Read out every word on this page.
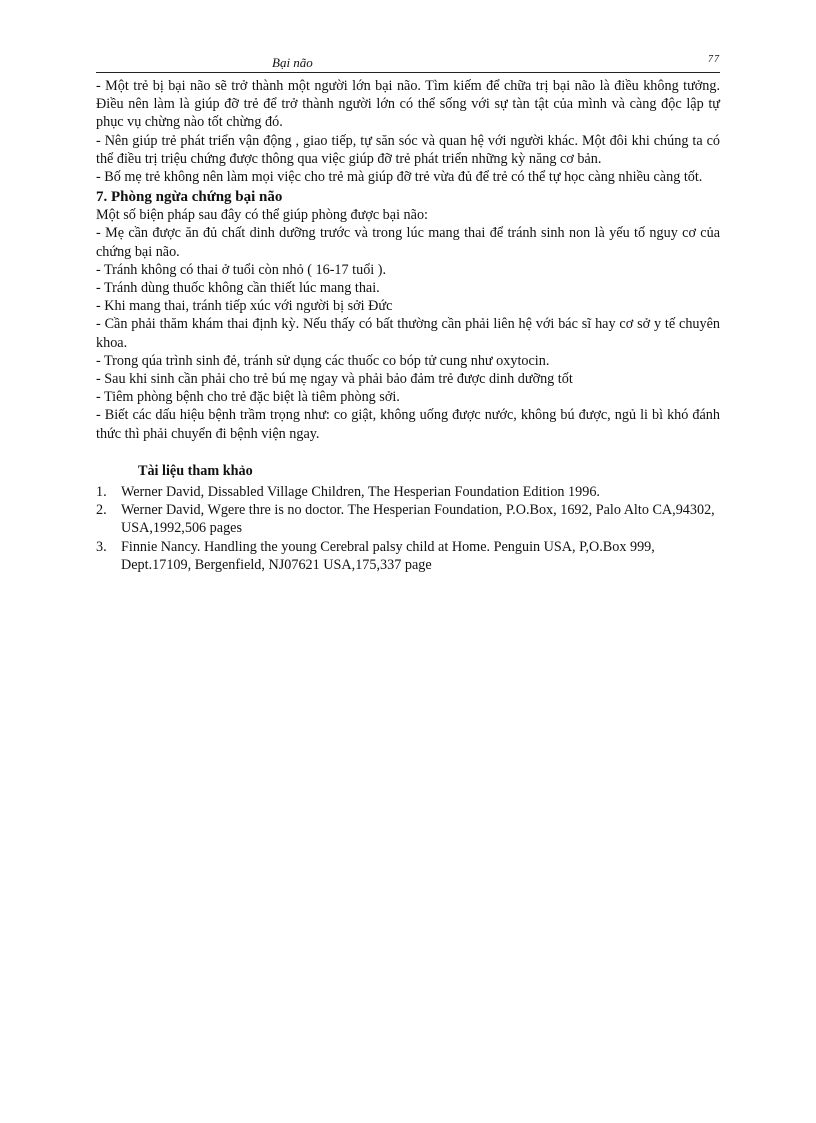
Bại não	77

- Một trẻ bị bại não sẽ trở thành một người lớn bại não. Tìm kiếm để chữa trị bại não là điều không tưởng. Điều nên làm là giúp đỡ trẻ để trở thành người lớn có thể sống với sự tàn tật của mình và càng độc lập tự phục vụ chừng nào tốt chừng đó.

- Nên giúp trẻ phát triển vận động , giao tiếp, tự săn sóc và quan hệ với người khác. Một đôi khi chúng ta có thể điều trị triệu chứng được thông qua việc giúp đỡ trẻ phát triển những kỳ năng cơ bản.

- Bố mẹ trẻ không nên làm mọi việc cho trẻ mà giúp đỡ trẻ vừa đủ để trẻ có thể tự học càng nhiều càng tốt.

7. Phòng ngừa chứng bại não

Một số biện pháp sau đây có thể giúp phòng được bại não:

- Mẹ cần được ăn đủ chất dinh dưỡng trước và trong lúc mang thai để tránh sinh non là yếu tố nguy cơ của chứng bại não.

- Tránh không có thai ở tuổi còn nhỏ ( 16-17 tuổi ).

- Tránh dùng thuốc không cần thiết lúc mang thai.

- Khi mang thai, tránh tiếp xúc với người bị sởi Đức

- Cần phải thăm khám thai định kỳ. Nếu thấy có bất thường cần phải liên hệ với bác sĩ hay cơ sở y tế chuyên khoa.

- Trong qúa trình sinh đẻ, tránh sử dụng các thuốc co bóp tử cung như oxytocin.

- Sau khi sinh cần phải cho trẻ bú mẹ ngay và phải bảo đảm trẻ được dinh dưỡng tốt

- Tiêm phòng bệnh cho trẻ đặc biệt là tiêm phòng sởi.

- Biết các dấu hiệu bệnh trầm trọng như: co giật, không uống được nước, không bú được, ngủ li bì khó đánh thức thì phải chuyển đi bệnh viện ngay.

Tài liệu tham khảo
1. Werner David, Dissabled Village Children, The Hesperian Foundation Edition 1996.
2. Werner David, Wgere thre is no doctor. The Hesperian Foundation, P.O.Box, 1692, Palo Alto CA,94302, USA,1992,506 pages
3. Finnie Nancy. Handling the young Cerebral palsy child at Home. Penguin USA, P,O.Box 999, Dept.17109, Bergenfield, NJ07621 USA,175,337 page
